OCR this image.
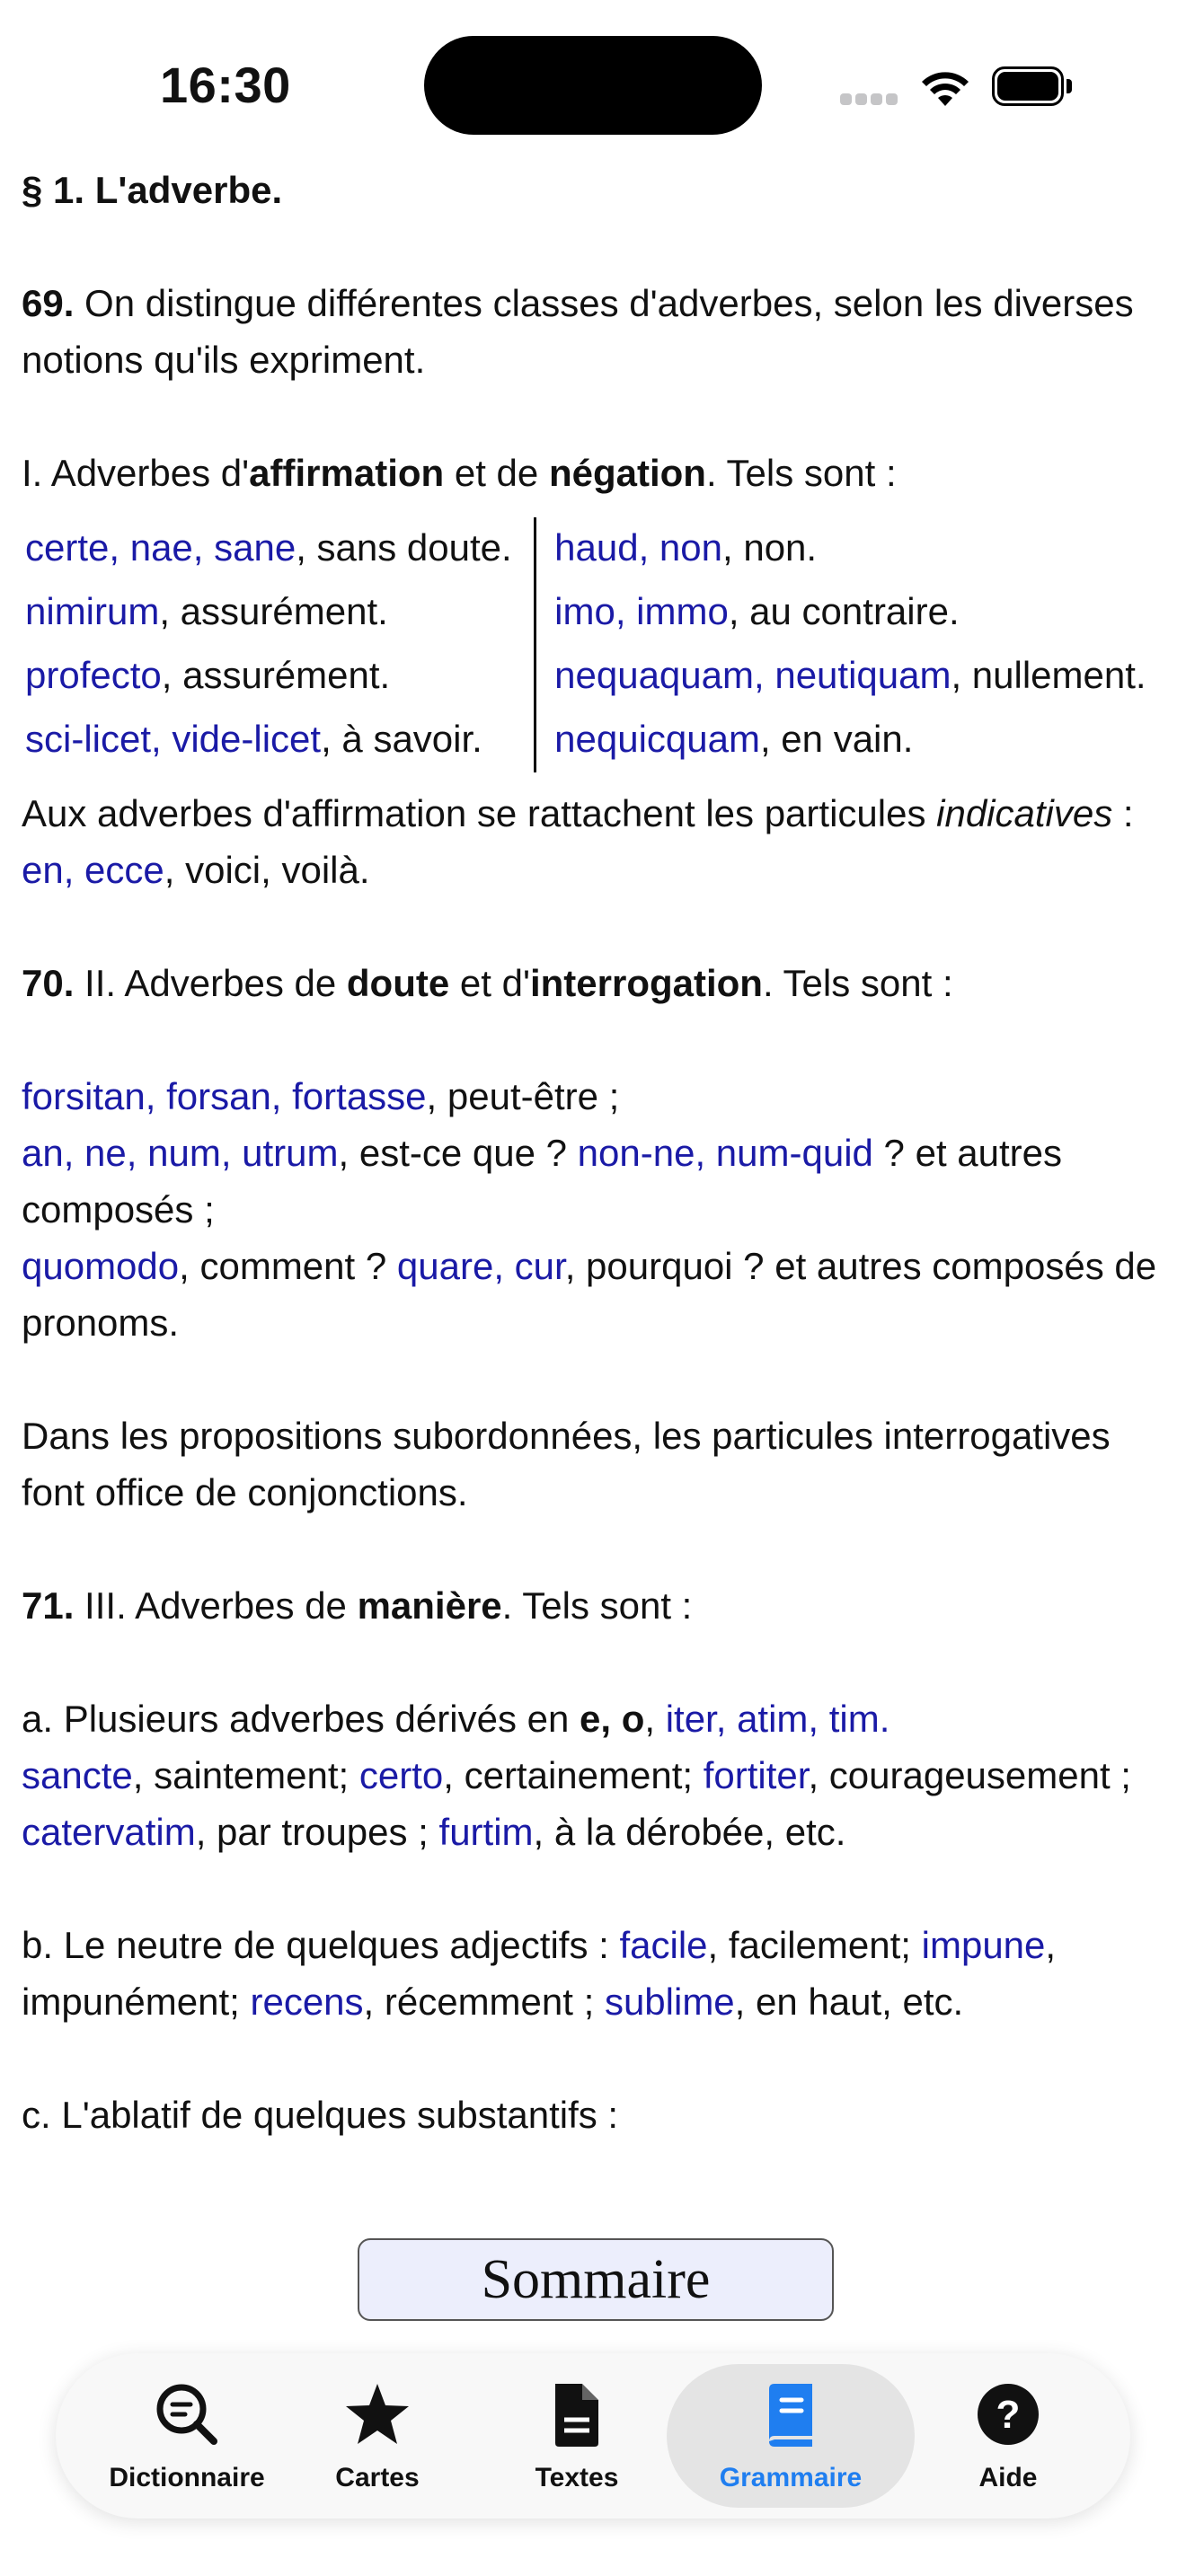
16:30

§ 1. L'adverbe.

69. On distingue différentes classes d'adverbes, selon les diverses notions qu'ils expriment.

I. Adverbes d'affirmation et de négation. Tels sont :

certe, nae, sane, sans doute.	haud, non, non.
nimirum, assurément.	imo, immo, au contraire.
profecto, assurément.	nequaquam, neutiquam, nullement.
sci-licet, vide-licet, à savoir.	nequicquam, en vain.

Aux adverbes d'affirmation se rattachent les particules indicatives : en, ecce, voici, voilà.

70. II. Adverbes de doute et d'interrogation. Tels sont :

forsitan, forsan, fortasse, peut-être ;
an, ne, num, utrum, est-ce que ? non-ne, num-quid ? et autres composés ;
quomodo, comment ? quare, cur, pourquoi ? et autres composés de pronoms.

Dans les propositions subordonnées, les particules interrogatives font office de conjonctions.

71. III. Adverbes de manière. Tels sont :

a. Plusieurs adverbes dérivés en e, o, iter, atim, tim.
sancte, saintement; certo, certainement; fortiter, courageusement ; catervatim, par troupes ; furtim, à la dérobée, etc.

b. Le neutre de quelques adjectifs : facile, facilement; impune, impunément; recens, récemment ; sublime, en haut, etc.

c. L'ablatif de quelques substantifs :

Sommaire
Dictionnaire	Cartes	Textes	Grammaire
?
Aide
